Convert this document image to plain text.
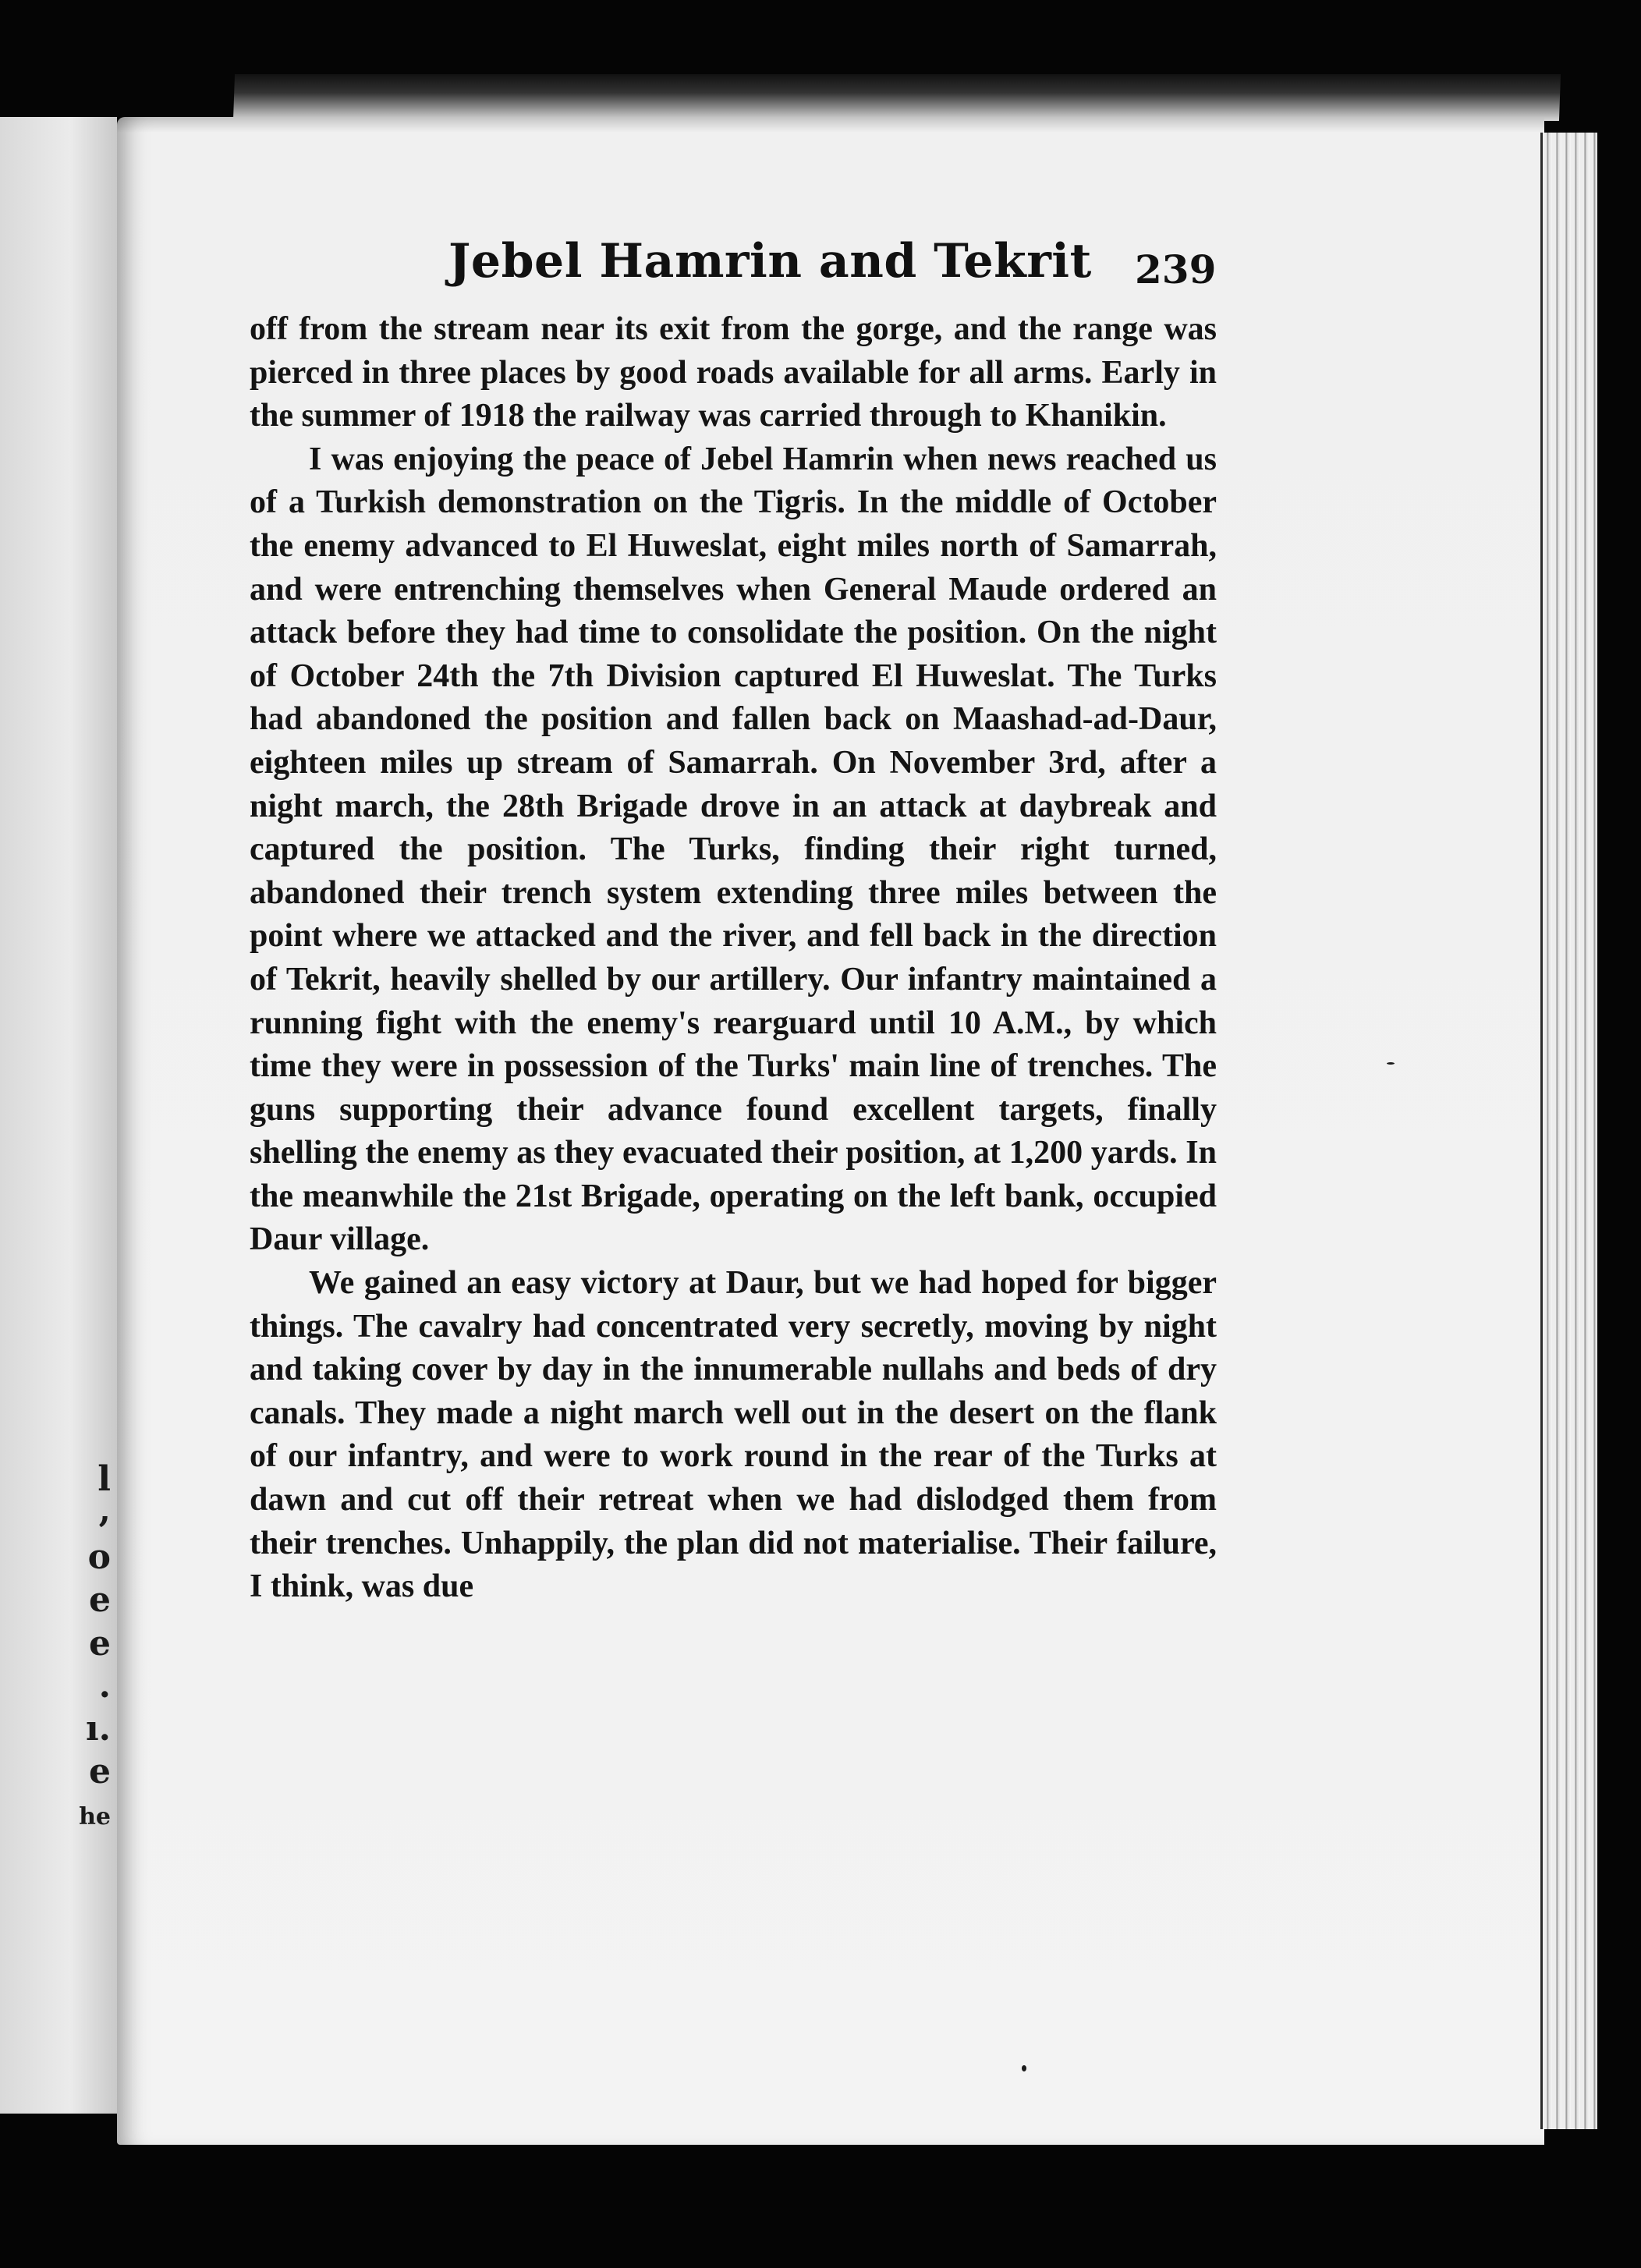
l
,
o
e
e
.
ı.
e
he
Jebel Hamrin and Tekrit 239

off from the stream near its exit from the gorge, and the range was pierced in three places by good roads available for all arms. Early in the summer of 1918 the railway was carried through to Khanikin.

I was enjoying the peace of Jebel Hamrin when news reached us of a Turkish demonstration on the Tigris. In the middle of October the enemy advanced to El Huweslat, eight miles north of Samarrah, and were entrenching themselves when General Maude ordered an attack before they had time to consolidate the position. On the night of October 24th the 7th Division captured El Huweslat. The Turks had abandoned the position and fallen back on Maashad-ad-Daur, eighteen miles up stream of Samarrah. On November 3rd, after a night march, the 28th Brigade drove in an attack at daybreak and captured the position. The Turks, finding their right turned, abandoned their trench system extending three miles between the point where we attacked and the river, and fell back in the direction of Tekrit, heavily shelled by our artillery. Our infantry maintained a running fight with the enemy's rearguard until 10 A.M., by which time they were in possession of the Turks' main line of trenches. The guns supporting their advance found excellent targets, finally shelling the enemy as they evacuated their position, at 1,200 yards. In the meanwhile the 21st Brigade, operating on the left bank, occupied Daur village.

We gained an easy victory at Daur, but we had hoped for bigger things. The cavalry had concentrated very secretly, moving by night and taking cover by day in the innumerable nullahs and beds of dry canals. They made a night march well out in the desert on the flank of our infantry, and were to work round in the rear of the Turks at dawn and cut off their retreat when we had dislodged them from their trenches. Unhappily, the plan did not materialise. Their failure, I think, was due
